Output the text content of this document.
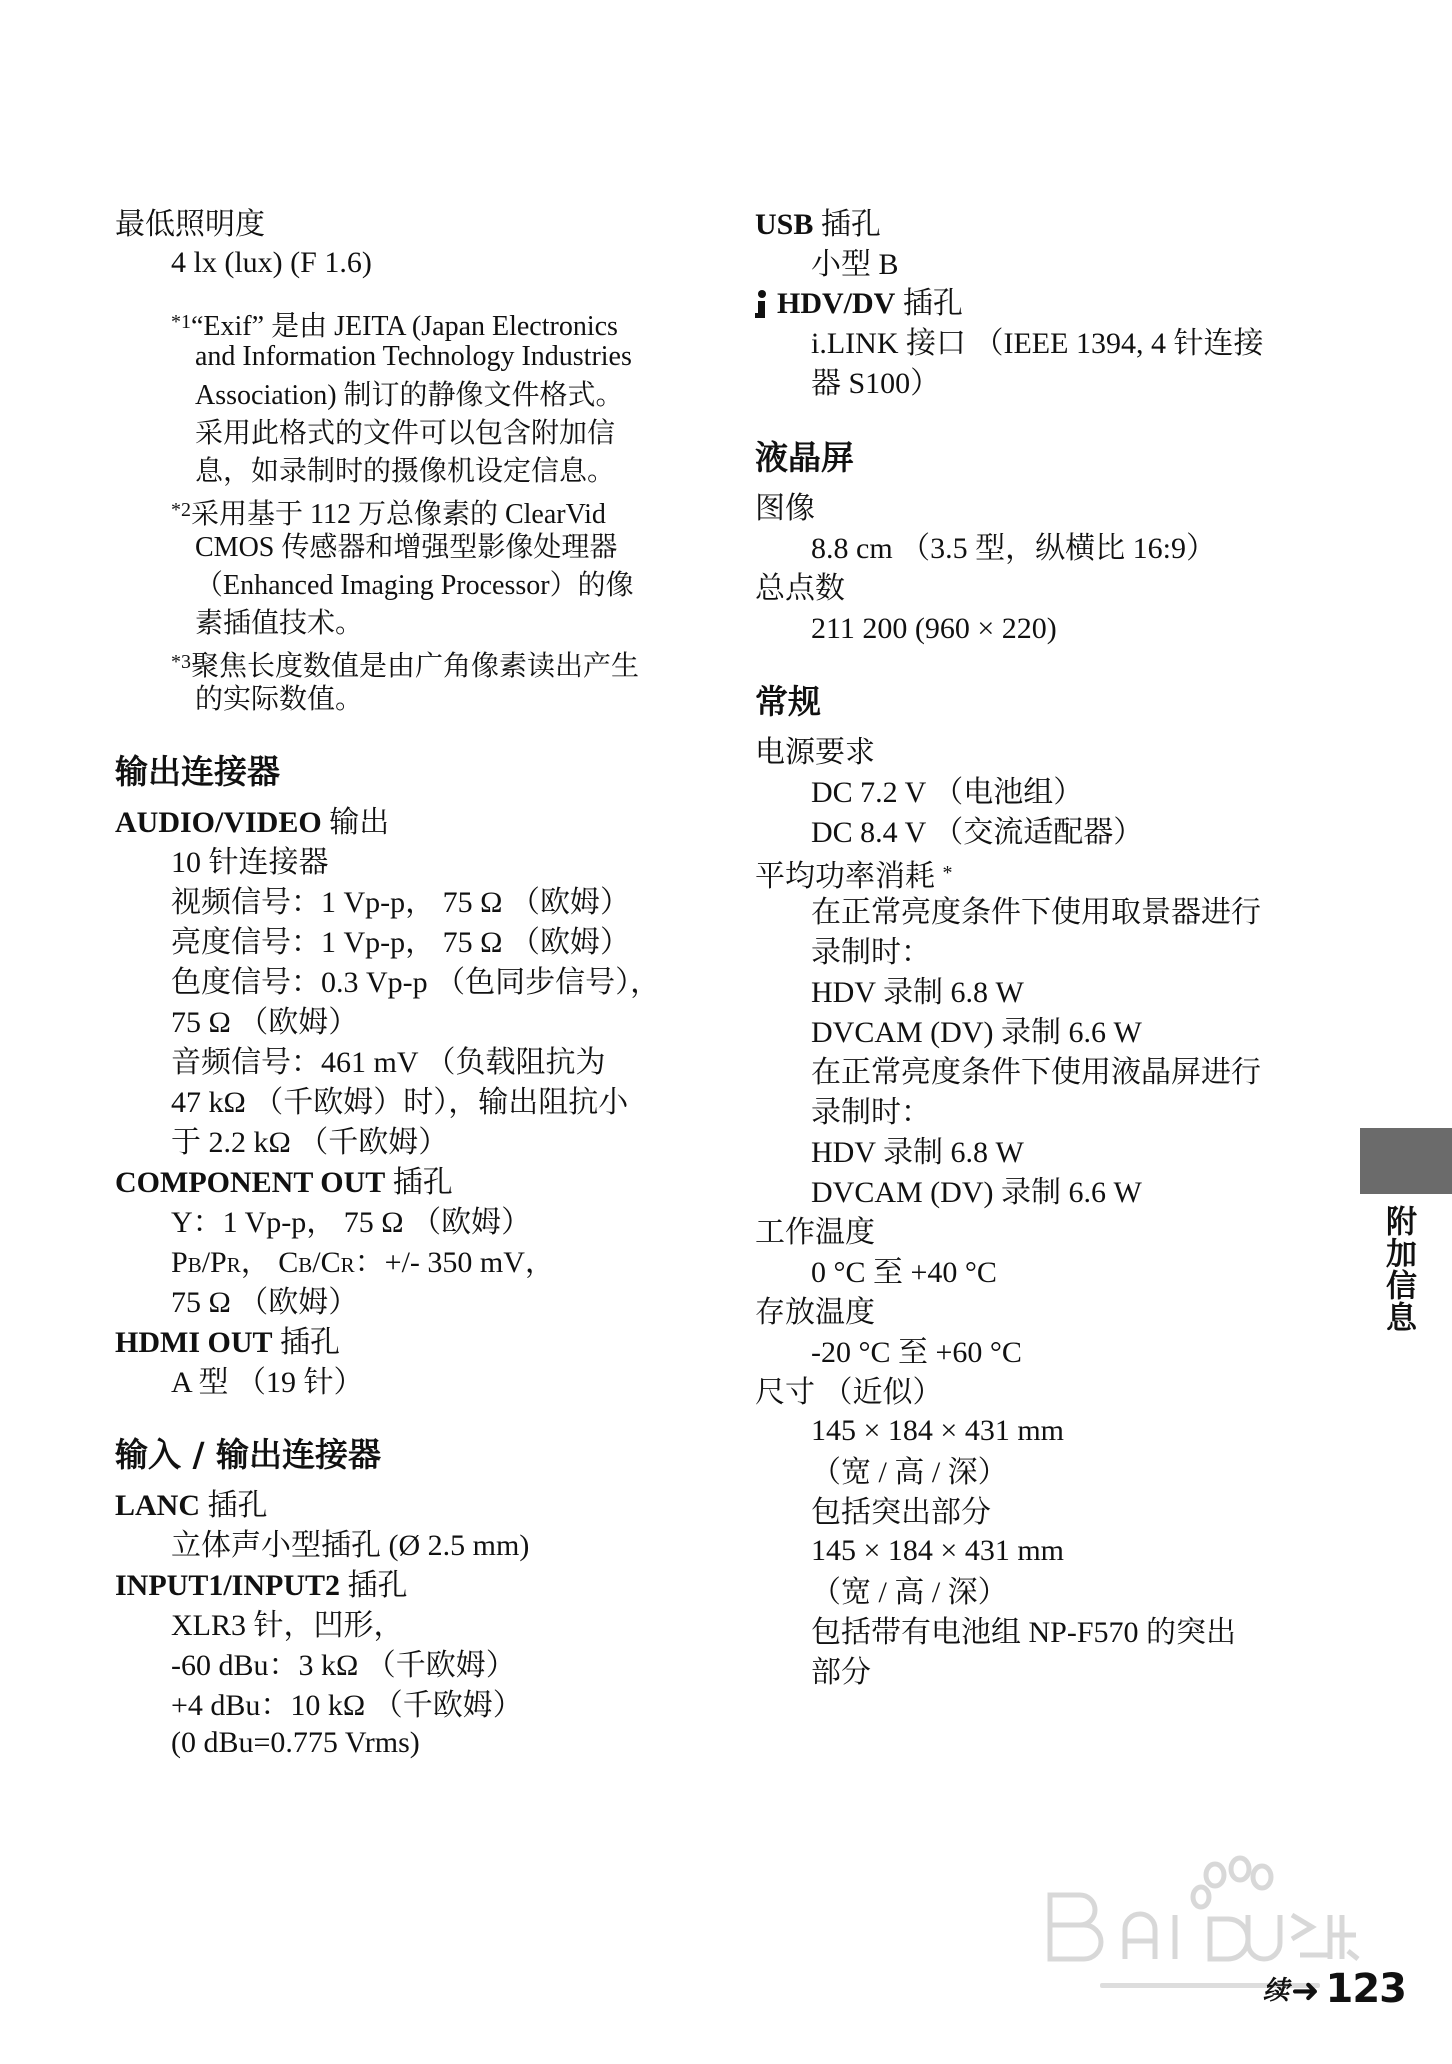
最低照明度
4 lx (lux) (F 1.6)
$^{*1}$“Exif” 是由 JEITA (Japan Electronics
and Information Technology Industries
Association) 制订的静像文件格式。
采用此格式的文件可以包含附加信
息，如录制时的摄像机设定信息。
$^{*2}$采用基于 112 万总像素的 ClearVid
CMOS 传感器和增强型影像处理器
（Enhanced Imaging Processor）的像
素插值技术。
$^{*3}$聚焦长度数值是由广角像素读出产生
的实际数值。
输出连接器
AUDIO/VIDEO 输出
10 针连接器
视频信号：1 Vp-p， 75 Ω （欧姆）
亮度信号：1 Vp-p， 75 Ω （欧姆）
色度信号：0.3 Vp-p （色同步信号），
75 Ω （欧姆）
音频信号：461 mV （负载阻抗为
47 kΩ （千欧姆）时），输出阻抗小
于 2.2 kΩ （千欧姆）
COMPONENT OUT 插孔
Y：1 Vp-p， 75 Ω （欧姆）
PB/PR， CB/CR：+/- 350 mV，
75 Ω （欧姆）
HDMI OUT 插孔
A 型 （19 针）
输入 / 输出连接器
LANC 插孔
立体声小型插孔 (Ø 2.5 mm)
INPUT1/INPUT2 插孔
XLR3 针，凹形，
-60 dBu：3 kΩ （千欧姆）
+4 dBu：10 kΩ （千欧姆）
(0 dBu=0.775 Vrms)
USB 插孔
小型 B
HDV/DV 插孔
i.LINK 接口 （IEEE 1394, 4 针连接
器 S100）
液晶屏
图像
8.8 cm （3.5 型，纵横比 16:9）
总点数
211 200 (960 × 220)
常规
电源要求
DC 7.2 V （电池组）
DC 8.4 V （交流适配器）
平均功率消耗 *
在正常亮度条件下使用取景器进行
录制时：
HDV 录制 6.8 W
DVCAM (DV) 录制 6.6 W
在正常亮度条件下使用液晶屏进行
录制时：
HDV 录制 6.8 W
DVCAM (DV) 录制 6.6 W
工作温度
0 °C 至 +40 °C
存放温度
-20 °C 至 +60 °C
尺寸 （近似）
145 × 184 × 431 mm
（宽 / 高 / 深）
包括突出部分
145 × 184 × 431 mm
（宽 / 高 / 深）
包括带有电池组 NP-F570 的突出
部分
附加信息
续➜ 123
